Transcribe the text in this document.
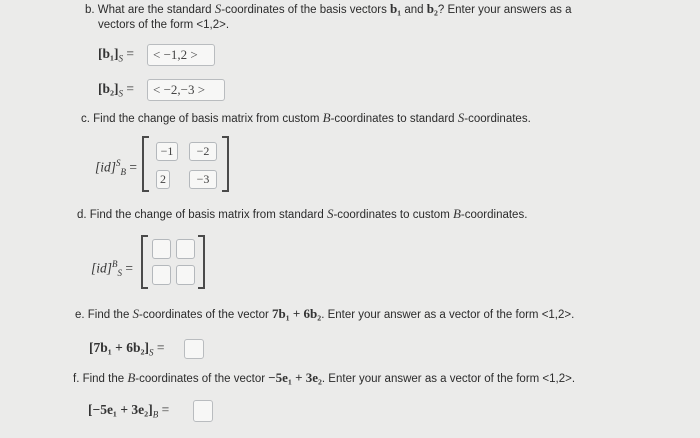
b. What are the standard S-coordinates of the basis vectors b₁ and b₂? Enter your answers as a
vectors of the form <1,2>.
$[b_1]_S$ =	< −1,2 >
$[b_2]_S$ =	< −2,−3 >
c. Find the change of basis matrix from custom B-coordinates to standard S-coordinates.
[id]$^S_B$ =
−1	−2
2	−3
d. Find the change of basis matrix from standard S-coordinates to custom B-coordinates.
[id]$^B_S$ =
e. Find the S-coordinates of the vector 7b₁ + 6b₂. Enter your answer as a vector of the form <1,2>.
$[7b_1 + 6b_2]_S$ =
f. Find the B-coordinates of the vector −5e₁ + 3e₂. Enter your answer as a vector of the form <1,2>.
$[-5e_1 + 3e_2]_B$ =
